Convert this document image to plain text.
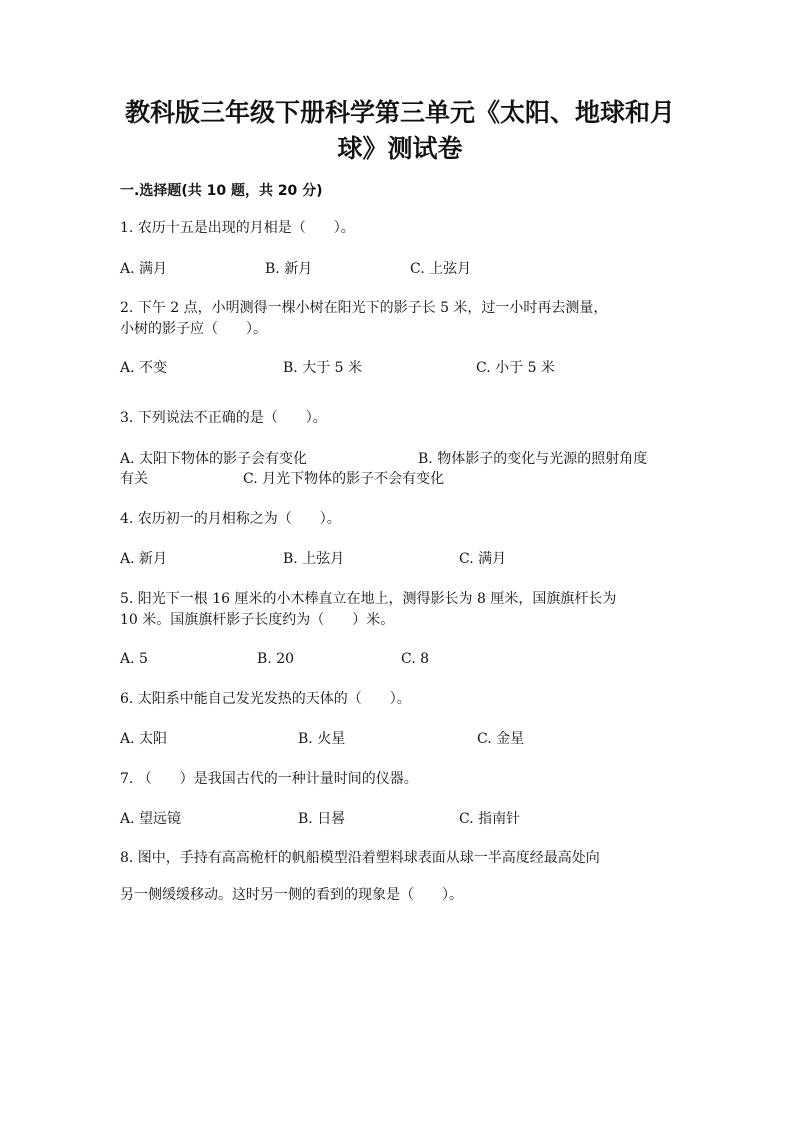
教科版三年级下册科学第三单元《太阳、地球和月
球》测试卷
一.选择题(共 10 题，共 20 分)
1. 农历十五是出现的月相是（　　）。
A. 满月	B. 新月	C. 上弦月
2. 下午 2 点，小明测得一棵小树在阳光下的影子长 5 米，过一小时再去测量，
小树的影子应（　　）。
A. 不变	B. 大于 5 米	C. 小于 5 米
3. 下列说法不正确的是（　　）。
A. 太阳下物体的影子会有变化	B. 物体影子的变化与光源的照射角度
有关	C. 月光下物体的影子不会有变化
4. 农历初一的月相称之为（　　）。
A. 新月	B. 上弦月	C. 满月
5. 阳光下一根 16 厘米的小木棒直立在地上，测得影长为 8 厘米，国旗旗杆长为
10 米。国旗旗杆影子长度约为（　　）米。
A. 5	B. 20	C. 8
6. 太阳系中能自己发光发热的天体的（　　）。
A. 太阳	B. 火星	C. 金星
7. （　　）是我国古代的一种计量时间的仪器。
A. 望远镜	B. 日晷	C. 指南针
8. 图中，手持有高高桅杆的帆船模型沿着塑料球表面从球一半高度经最高处向
另一侧缓缓移动。这时另一侧的看到的现象是（　　）。
